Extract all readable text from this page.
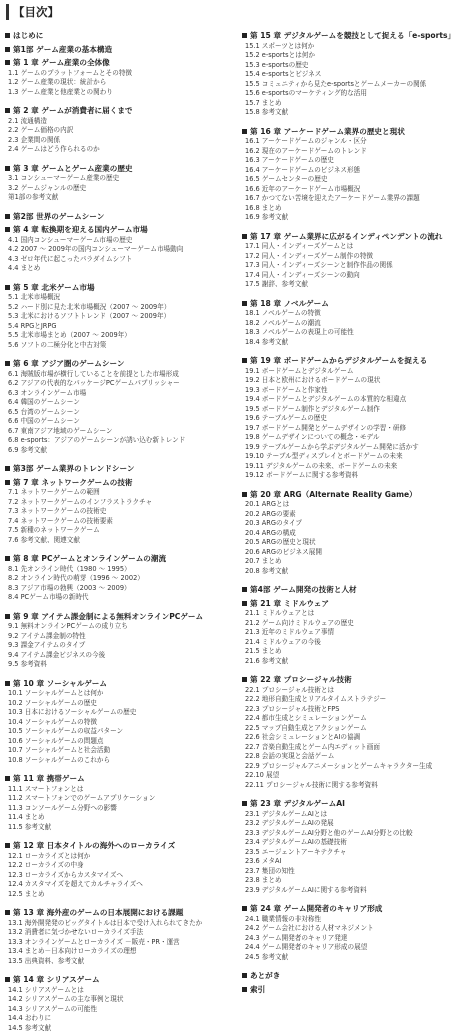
【目次】
はじめに
第1部 ゲーム産業の基本構造
第 1 章 ゲーム産業の全体像
1.1 ゲームのプラットフォームとその特徴
1.2 ゲーム産業の現状：統計から
1.3 ゲーム産業と他産業との関わり
第 2 章 ゲームが消費者に届くまで
2.1 流通構造
2.2 ゲーム価格の内訳
2.3 企業間の関係
2.4 ゲームはどう作られるのか
第 3 章 ゲームとゲーム産業の歴史
3.1 コンシューマーゲーム産業の歴史
3.2 ゲームジャンルの歴史
第1部の参考文献
第2部 世界のゲームシーン
第 4 章 転換期を迎える国内ゲーム市場
4.1 国内コンシューマーゲーム市場の歴史
4.2 2007 ～ 2009年の国内コンシューマーゲーム市場動向
4.3 ゼロ年代に起こったパラダイムシフト
4.4 まとめ
第 5 章 北米ゲーム市場
5.1 北米市場概況
5.2 ハード別に見た北米市場概況（2007 ～ 2009年）
5.3 北米におけるソフトトレンド（2007 ～ 2009年）
5.4 RPGとJRPG
5.5 北米市場まとめ（2007 ～ 2009年）
5.6 ソフトの二極分化と中古対策
第 6 章 アジア圏のゲームシーン
6.1 海賊版市場が横行していることを前提とした市場形成
6.2 アジアの代表的なパッケージPCゲームパブリッシャー
6.3 オンラインゲーム市場
6.4 韓国のゲームシーン
6.5 台湾のゲームシーン
6.6 中国のゲームシーン
6.7 東南アジア地域のゲームシーン
6.8 e-sports：アジアのゲームシーンが誘い込む新トレンド
6.9 参考文献
第3部 ゲーム業界のトレンドシーン
第 7 章 ネットワークゲームの技術
7.1 ネットワークゲームの範囲
7.2 ネットワークゲームのインフラストラクチャ
7.3 ネットワークゲームの技術史
7.4 ネットワークゲームの技術要素
7.5 新種のネットワークゲーム
7.6 参考文献、関連文献
第 8 章 PCゲームとオンラインゲームの潮流
8.1 先オンライン時代（1980 ～ 1995）
8.2 オンライン時代の萌芽（1996 ～ 2002）
8.3 アジア市場の勃興（2003 ～ 2009）
8.4 PCゲーム市場の新時代
第 9 章 アイテム課金制による無料オンラインPCゲーム
9.1 無料オンラインPCゲームの成り立ち
9.2 アイテム課金制の特性
9.3 課金アイテムのタイプ
9.4 アイテム課金ビジネスの今後
9.5 参考資料
第 10 章 ソーシャルゲーム
10.1 ソーシャルゲームとは何か
10.2 ソーシャルゲームの歴史
10.3 日本におけるソーシャルゲームの歴史
10.4 ソーシャルゲームの特徴
10.5 ソーシャルゲームの収益パターン
10.6 ソーシャルゲームの問題点
10.7 ソーシャルゲームと社会活動
10.8 ソーシャルゲームのこれから
第 11 章 携帯ゲーム
11.1 スマートフォンとは
11.2 スマートフォンでのゲームアプリケーション
11.3 コンソールゲーム分野への影響
11.4 まとめ
11.5 参考文献
第 12 章 日本タイトルの海外へのローカライズ
12.1 ローカライズとは何か
12.2 ローカライズの中身
12.3 ローカライズからカスタマイズへ
12.4 カスタマイズを超えてカルチャライズへ
12.5 まとめ
第 13 章 海外産のゲームの日本展開における課題
13.1 海外開発発のビッグタイトルは日本で受け入れられてきたか
13.2 消費者に気づかせないローカライズ手法
13.3 オンラインゲームとローカライズ －販売・PR・運営
13.4 まとめ－日本向けローカライズの理想
13.5 出典資料、参考文献
第 14 章 シリアスゲーム
14.1 シリアスゲームとは
14.2 シリアスゲームの主な事例と現状
14.3 シリアスゲームの可能性
14.4 おわりに
14.5 参考文献
第 15 章 デジタルゲームを競技として捉える「e-sports」
15.1 スポーツとは何か
15.2 e-sportsとは何か
15.3 e-sportsの歴史
15.4 e-sportsとビジネス
15.5 コミュニティから見たe-sportsとゲームメーカーの関係
15.6 e-sportsのマーケティング的な活用
15.7 まとめ
15.8 参考文献
第 16 章 アーケードゲーム業界の歴史と現状
16.1 アーケードゲームのジャンル・区分
16.2 現在のアーケードゲームのトレンド
16.3 アーケードゲームの歴史
16.4 アーケードゲームのビジネス形態
16.5 ゲームセンターの歴史
16.6 近年のアーケードゲーム市場概況
16.7 かつてない苦境を迎えたアーケードゲーム業界の課題
16.8 まとめ
16.9 参考文献
第 17 章 ゲーム業界に広がるインディペンデントの流れ
17.1 同人・インディーズゲームとは
17.2 同人・インディーズゲーム制作の特徴
17.3 同人・インディーズシーンと制作作品の関係
17.4 同人・インディーズシーンの動向
17.5 謝辞、参考文献
第 18 章 ノベルゲーム
18.1 ノベルゲームの特徴
18.2 ノベルゲームの潮流
18.3 ノベルゲームの表現上の可能性
18.4 参考文献
第 19 章 ボードゲームからデジタルゲームを捉える
19.1 ボードゲームとデジタルゲーム
19.2 日本と欧州におけるボードゲームの現状
19.3 ボードゲームと作家性
19.4 ボードゲームとデジタルゲームの本質的な相違点
19.5 ボードゲーム制作とデジタルゲーム制作
19.6 テーブルゲームの歴史
19.7 ボードゲーム開発とゲームデザインの学習・研修
19.8 ゲームデザインについての概念・モデル
19.9 テーブルゲームから学ぶデジタルゲーム開発に活かす
19.10 テーブル型ディスプレイとボードゲームの未来
19.11 デジタルゲームの未来、ボードゲームの未来
19.12 ボードゲームに関する参考資料
第 20 章 ARG（Alternate Reality Game）
20.1 ARGとは
20.2 ARGの要素
20.3 ARGのタイプ
20.4 ARGの構成
20.5 ARGの歴史と現状
20.6 ARGのビジネス展開
20.7 まとめ
20.8 参考文献
第4部 ゲーム開発の技術と人材
第 21 章 ミドルウェア
21.1 ミドルウェアとは
21.2 ゲーム向けミドルウェアの歴史
21.3 近年のミドルウェア事情
21.4 ミドルウェアの今後
21.5 まとめ
21.6 参考文献
第 22 章 プロシージャル技術
22.1 プロシージャル技術とは
22.2 地形自動生成とリアルタイムストラテジー
22.3 プロシージャル技術とFPS
22.4 都市生成とシミュレーションゲーム
22.5 マップ自動生成とアクションゲーム
22.6 社会シミュレーションとAIの協調
22.7 音楽自動生成とゲーム内エディット画面
22.8 会話の実現と会話ゲーム
22.9 プロシージャルアニメーションとゲームキャラクター生成
22.10 展望
22.11 プロシージャル技術に関する参考資料
第 23 章 デジタルゲームAI
23.1 デジタルゲームAIとは
23.2 デジタルゲームAIの発展
23.3 デジタルゲームAI分野と他のゲームAI分野との比較
23.4 デジタルゲームAIの基礎技術
23.5 エージェントアーキテクチャ
23.6 メタAI
23.7 集団の知性
23.8 まとめ
23.9 デジタルゲームAIに関する参考資料
第 24 章 ゲーム開発者のキャリア形成
24.1 職業情報の非対称性
24.2 ゲーム会社における人材マネジメント
24.3 ゲーム開発者のキャリア発達
24.4 ゲーム開発者のキャリア形成の展望
24.5 参考文献
あとがき
索引
